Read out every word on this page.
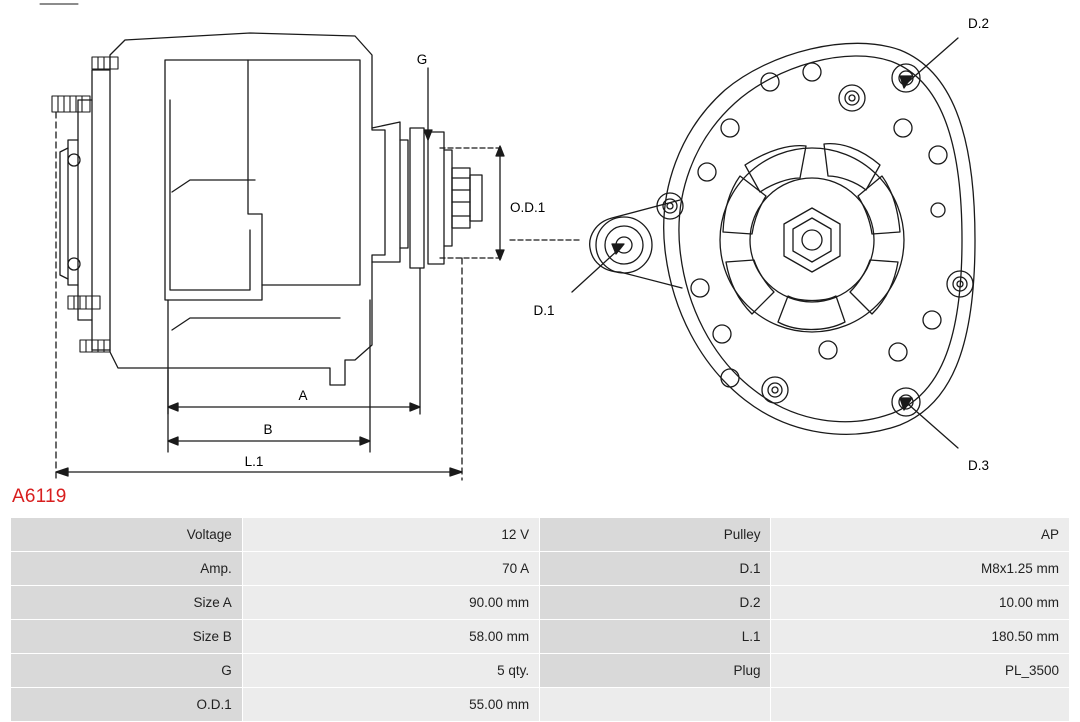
G
O.D.1
A
B
L.1
D.1
D.2
D.3
A6119
Voltage	12 V	Pulley	AP
Amp.	70 A	D.1	M8x1.25 mm
Size A	90.00 mm	D.2	10.00 mm
Size B	58.00 mm	L.1	180.50 mm
G	5 qty.	Plug	PL_3500
O.D.1	55.00 mm		
